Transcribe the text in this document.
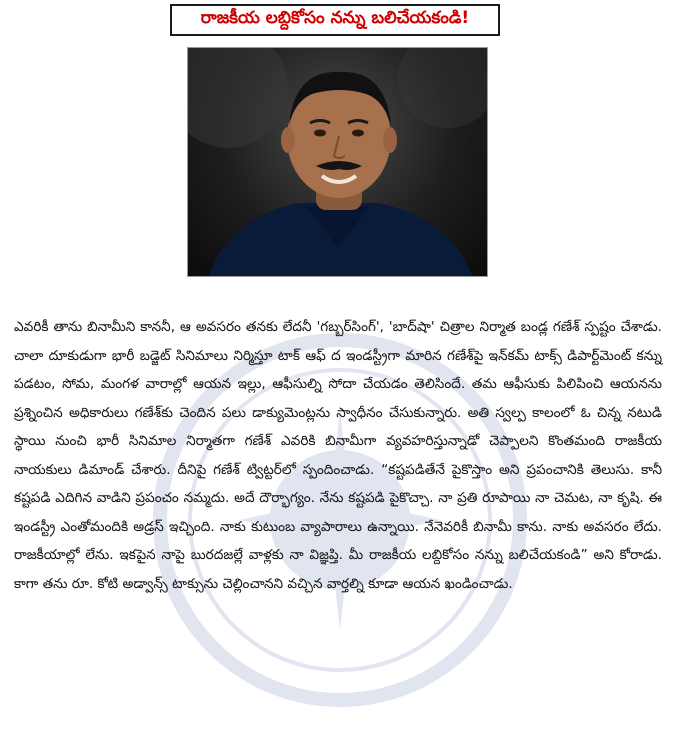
రాజకీయ లబ్దికోసం నన్ను బలిచేయకండి!

ఎవరికీ తాను బినామీని కాననీ, ఆ అవసరం తనకు లేదనీ 'గబ్బర్‌సింగ్', 'బాద్‌షా' చిత్రాల నిర్మాత బండ్ల గణేశ్ స్పష్టం చేశాడు. చాలా దూకుడుగా భారీ బడ్జెట్ సినిమాలు నిర్మిస్తూ టాక్ ఆఫ్ ద ఇండస్ట్రీగా మారిన గణేశ్‌పై ఇన్‌కమ్ టాక్స్ డిపార్ట్‌మెంట్ కన్ను పడటం, సోమ, మంగళ వారాల్లో ఆయన ఇల్లు, ఆఫీసుల్ని సోదా చేయడం తెలిసిందే. తమ ఆఫీసుకు పిలిపించి ఆయనను ప్రశ్నించిన అధికారులు గణేశ్‌కు చెందిన పలు డాక్యుమెంట్లను స్వాధీనం చేసుకున్నారు. అతి స్వల్ప కాలంలో ఓ చిన్న నటుడి స్థాయి నుంచి భారీ సినిమాల నిర్మాతగా గణేశ్ ఎవరికి బినామీగా వ్యవహరిస్తున్నాడో చెప్పాలని కొంతమంది రాజకీయ నాయకులు డిమాండ్ చేశారు. దీనిపై గణేశ్ ట్విట్టర్‌లో స్పందించాడు. “కష్టపడితేనే పైకొస్తాం అని ప్రపంచానికి తెలుసు. కానీ కష్టపడి ఎదిగిన వాడిని ప్రపంచం నమ్మదు. అదే దౌర్భాగ్యం. నేను కష్టపడి పైకొచ్చా. నా ప్రతి రూపాయి నా చెమట, నా కృషి. ఈ ఇండస్ట్రీ ఎంతోమందికి అడ్రస్ ఇచ్చింది. నాకు కుటుంబ వ్యాపారాలు ఉన్నాయి. నేనెవరికీ బినామీ కాను. నాకు అవసరం లేదు. రాజకీయాల్లో లేను. ఇకపైన నాపై బురదజల్లే వాళ్లకు నా విజ్ఞప్తి. మీ రాజకీయ లబ్దికోసం నన్ను బలిచేయకండి” అని కోరాడు. కాగా తను రూ. కోటి అడ్వాన్స్ టాక్సును చెల్లించానని వచ్చిన వార్తల్ని కూడా ఆయన ఖండించాడు.
